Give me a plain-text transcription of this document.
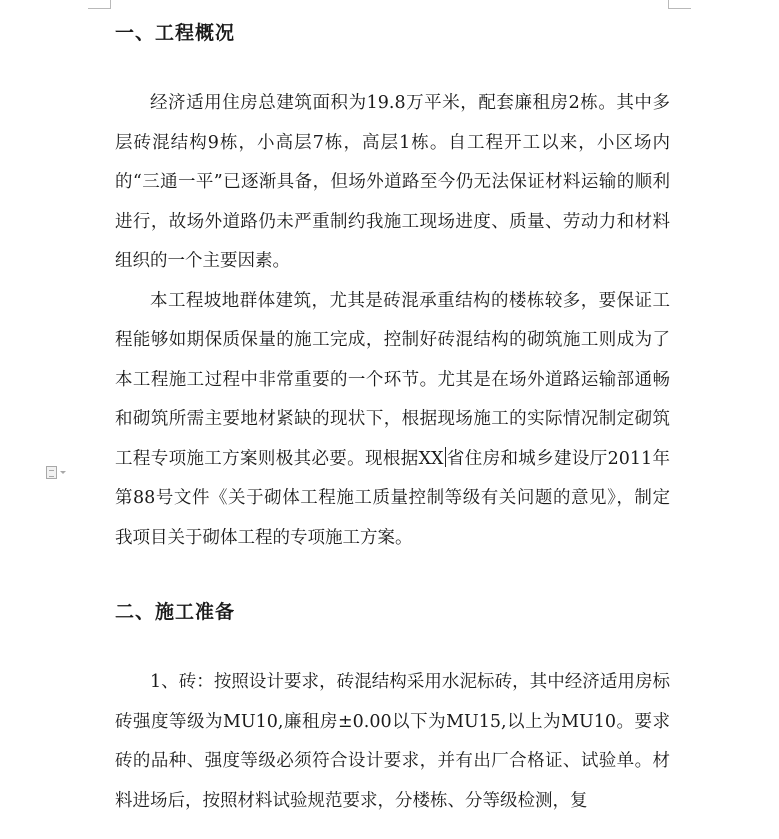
一、工程概况

经济适用住房总建筑面积为19.8万平米，配套廉租房2栋。其中多层砖混结构9栋，小高层7栋，高层1栋。自工程开工以来，小区场内的“三通一平”已逐渐具备，但场外道路至今仍无法保证材料运输的顺利进行，故场外道路仍未严重制约我施工现场进度、质量、劳动力和材料组织的一个主要因素。

本工程坡地群体建筑，尤其是砖混承重结构的楼栋较多，要保证工程能够如期保质保量的施工完成，控制好砖混结构的砌筑施工则成为了本工程施工过程中非常重要的一个环节。尤其是在场外道路运输部通畅和砌筑所需主要地材紧缺的现状下，根据现场施工的实际情况制定砌筑工程专项施工方案则极其必要。现根据XX 省住房和城乡建设厅2011年第88号文件《关于砌体工程施工质量控制等级有关问题的意见》，制定我项目关于砌体工程的专项施工方案。

二、施工准备

1、砖：按照设计要求，砖混结构采用水泥标砖，其中经济适用房标砖强度等级为MU10,廉租房±0.00以下为MU15,以上为MU10。要求砖的品种、强度等级必须符合设计要求，并有出厂合格证、试验单。材料进场后，按照材料试验规范要求，分楼栋、分等级检测，复
